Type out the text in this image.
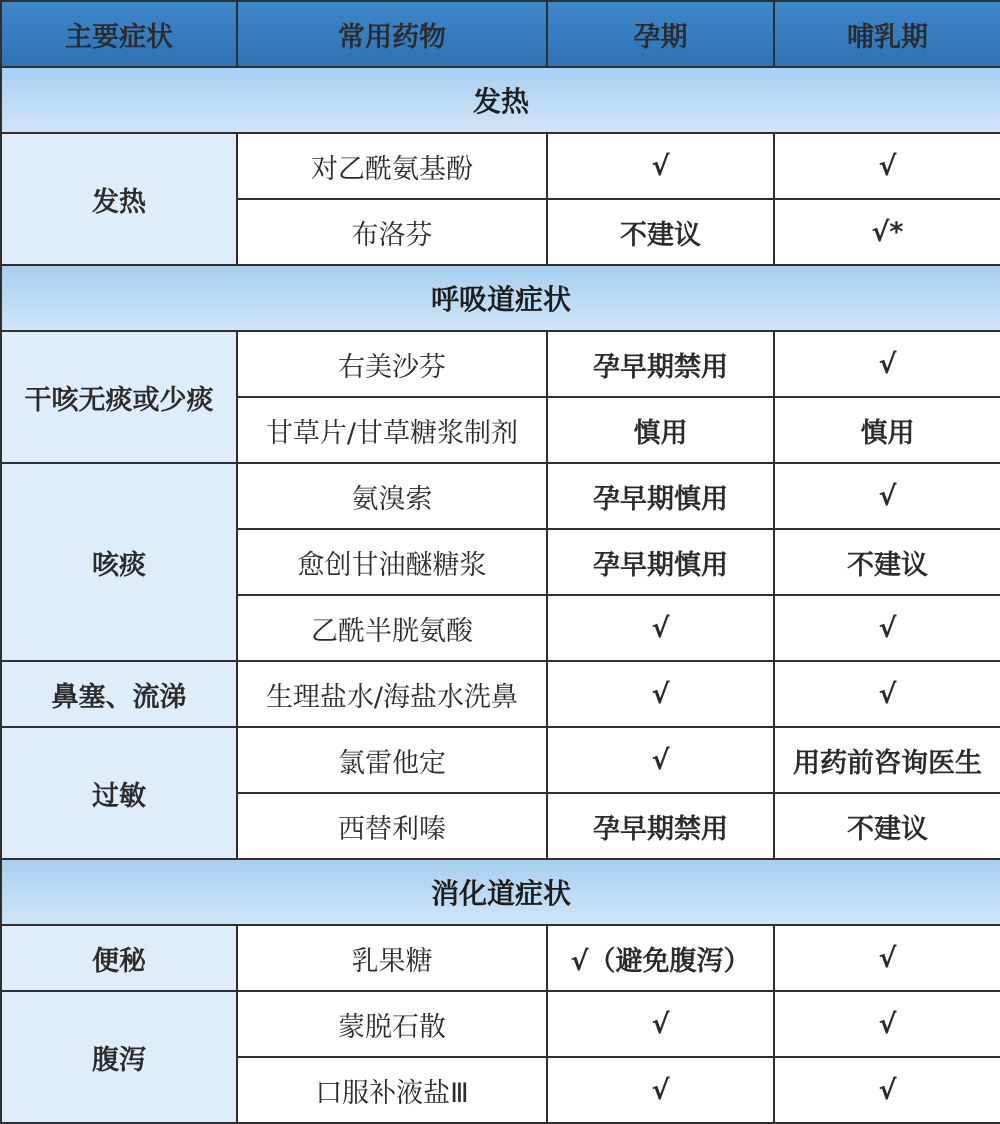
主要症状	常用药物	孕期	哺乳期
发热			
发热	对乙酰氨基酚	√	√
	布洛芬	不建议	√*
呼吸道症状			
干咳无痰或少痰	右美沙芬	孕早期禁用	√
	甘草片/甘草糖浆制剂	慎用	慎用
咳痰	氨溴索	孕早期慎用	√
	愈创甘油醚糖浆	孕早期慎用	不建议
	乙酰半胱氨酸	√	√
鼻塞、流涕	生理盐水/海盐水洗鼻	√	√
过敏	氯雷他定	√	用药前咨询医生
	西替利嗪	孕早期禁用	不建议
消化道症状			
便秘	乳果糖	√（避免腹泻）	√
腹泻	蒙脱石散	√	√
	口服补液盐Ⅲ	√	√
